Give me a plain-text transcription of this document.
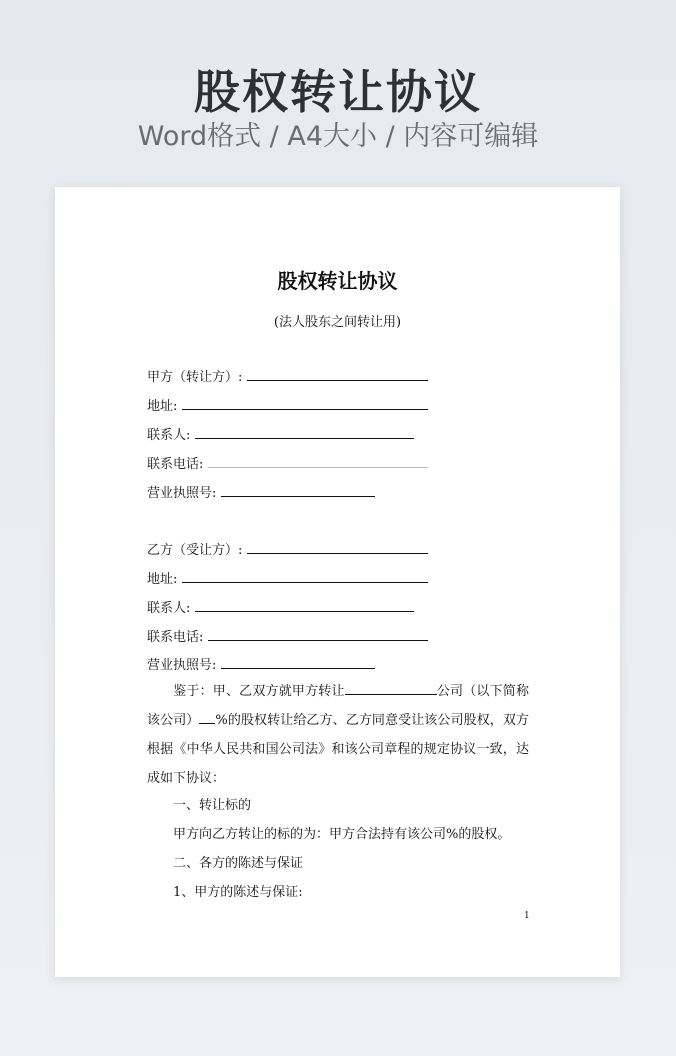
股权转让协议
Word格式 / A4大小 / 内容可编辑
股权转让协议
(法人股东之间转让用)
甲方（转让方）:
地址:
联系人:
联系电话:
营业执照号:
乙方（受让方）:
地址:
联系人:
联系电话:
营业执照号:
鉴于：甲、乙双方就甲方转让	公司（以下简称该公司） %的股权转让给乙方、乙方同意受让该公司股权，双方根据《中华人民共和国公司法》和该公司章程的规定协议一致，达成如下协议：
一、转让标的
甲方向乙方转让的标的为：甲方合法持有该公司%的股权。
二、各方的陈述与保证
1、甲方的陈述与保证:
1
